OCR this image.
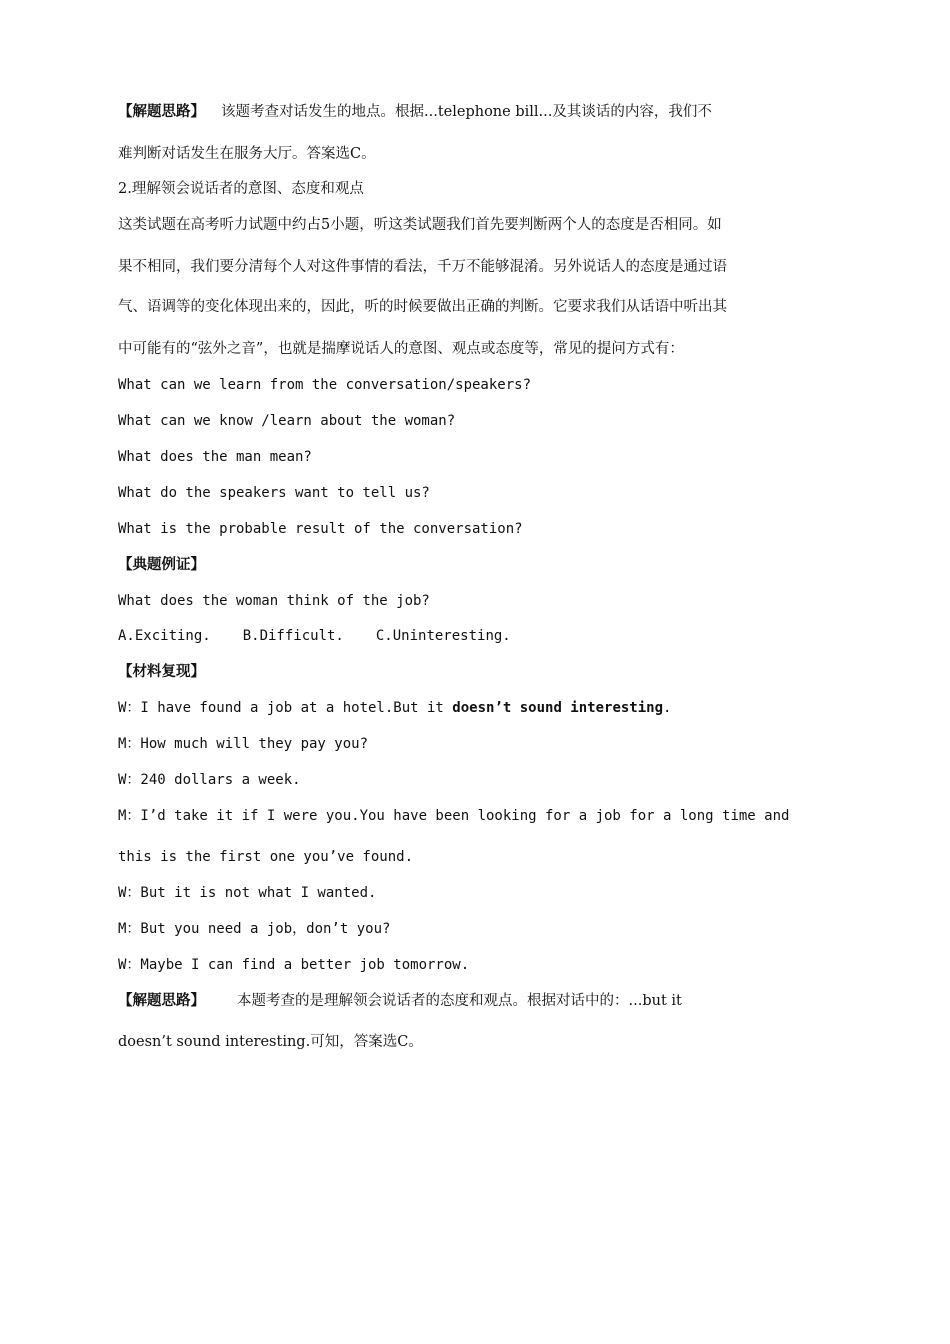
【解题思路】 该题考查对话发生的地点。根据...telephone bill...及其谈话的内容，我们不
难判断对话发生在服务大厅。答案选C。
2.理解领会说话者的意图、态度和观点
这类试题在高考听力试题中约占5小题，听这类试题我们首先要判断两个人的态度是否相同。如
果不相同，我们要分清每个人对这件事情的看法，千万不能够混淆。另外说话人的态度是通过语
气、语调等的变化体现出来的，因此，听的时候要做出正确的判断。它要求我们从话语中听出其
中可能有的“弦外之音”，也就是揣摩说话人的意图、观点或态度等，常见的提问方式有：
What can we learn from the conversation/speakers?
What can we know /learn about the woman?
What does the man mean?
What do the speakers want to tell us?
What is the probable result of the conversation?
【典题例证】
What does the woman think of the job?
A.Exciting. B.Difficult. C.Uninteresting.
【材料复现】
W：I have found a job at a hotel.But it doesn’t sound interesting.
M：How much will they pay you?
W：240 dollars a week.
M：I’d take it if I were you.You have been looking for a job for a long time and
this is the first one you’ve found.
W：But it is not what I wanted.
M：But you need a job，don’t you?
W：Maybe I can find a better job tomorrow.
【解题思路】 本题考查的是理解领会说话者的态度和观点。根据对话中的：...but it
doesn’t sound interesting.可知，答案选C。
